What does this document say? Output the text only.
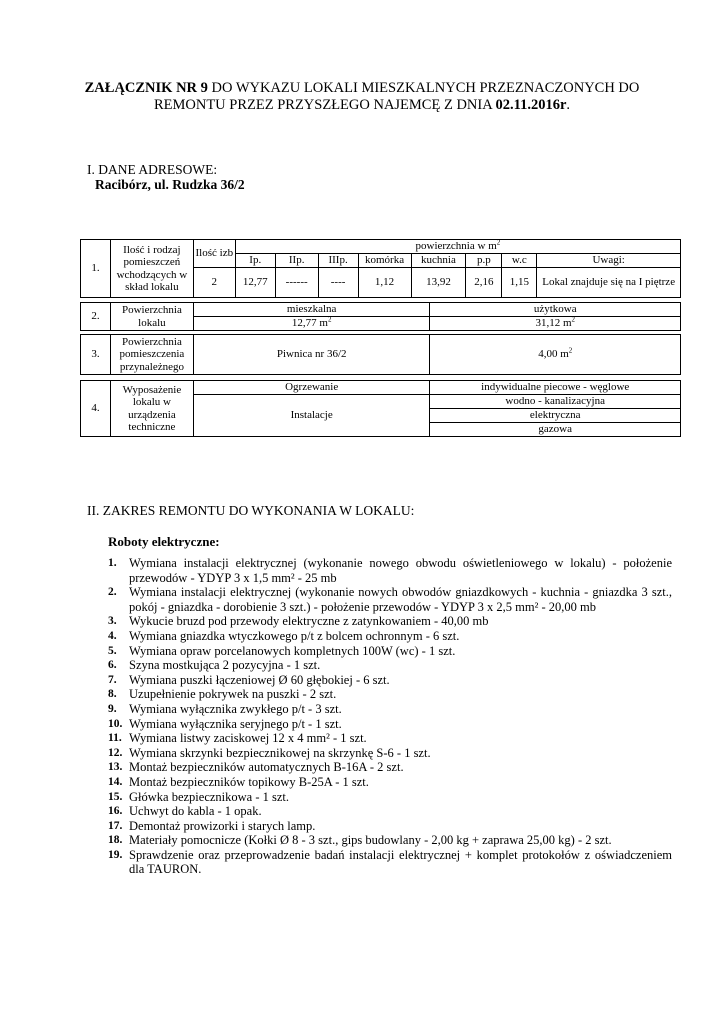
ZAŁĄCZNIK NR 9 DO WYKAZU LOKALI MIESZKALNYCH PRZEZNACZONYCH DO
REMONTU PRZEZ PRZYSZŁEGO NAJEMCĘ Z DNIA 02.11.2016r.
I. DANE ADRESOWE:
Racibórz, ul. Rudzka 36/2
1.	Ilość i rodzaj pomieszczeń wchodzących w skład lokalu	Ilość izb	powierzchnia w $m^2$
			Ip.	IIp.	IIIp.	komórka	kuchnia	p.p	w.c	Uwagi:
		2	12,77	------	----	1,12	13,92	2,16	1,15	Lokal znajduje się na I piętrze
2.	Powierzchnia lokalu	mieszkalna	użytkowa
		12,77 $m^2$	31,12 $m^2$
3.	Powierzchnia pomieszczenia przynależnego	Piwnica nr 36/2	4,00 $m^2$
4.	Wyposażenie lokalu w urządzenia techniczne	Ogrzewanie	indywidualne piecowe - węglowe
		Instalacje	wodno - kanalizacyjna
			elektryczna
			gazowa
II. ZAKRES REMONTU DO WYKONANIA W LOKALU:
Roboty elektryczne:
1. Wymiana instalacji elektrycznej (wykonanie nowego obwodu oświetleniowego w lokalu) - położenie przewodów - YDYP 3 x 1,5 mm² - 25 mb
2. Wymiana instalacji elektrycznej (wykonanie nowych obwodów gniazdkowych - kuchnia - gniazdka 3 szt., pokój - gniazdka - dorobienie 3 szt.) - położenie przewodów - YDYP 3 x 2,5 mm² - 20,00 mb
3. Wykucie bruzd pod przewody elektryczne z zatynkowaniem - 40,00 mb
4. Wymiana gniazdka wtyczkowego p/t z bolcem ochronnym - 6 szt.
5. Wymiana opraw porcelanowych kompletnych 100W (wc) - 1 szt.
6. Szyna mostkująca 2 pozycyjna - 1 szt.
7. Wymiana puszki łączeniowej Ø 60 głębokiej - 6 szt.
8. Uzupełnienie pokrywek na puszki - 2 szt.
9. Wymiana wyłącznika zwykłego p/t - 3 szt.
10. Wymiana wyłącznika seryjnego p/t - 1 szt.
11. Wymiana listwy zaciskowej 12 x 4 mm² - 1 szt.
12. Wymiana skrzynki bezpiecznikowej na skrzynkę S-6 - 1 szt.
13. Montaż bezpieczników automatycznych B-16A - 2 szt.
14. Montaż bezpieczników topikowy B-25A - 1 szt.
15. Główka bezpiecznikowa - 1 szt.
16. Uchwyt do kabla - 1 opak.
17. Demontaż prowizorki i starych lamp.
18. Materiały pomocnicze (Kołki Ø 8 - 3 szt., gips budowlany - 2,00 kg + zaprawa 25,00 kg) - 2 szt.
19. Sprawdzenie oraz przeprowadzenie badań instalacji elektrycznej + komplet protokołów z oświadczeniem dla TAURON.
